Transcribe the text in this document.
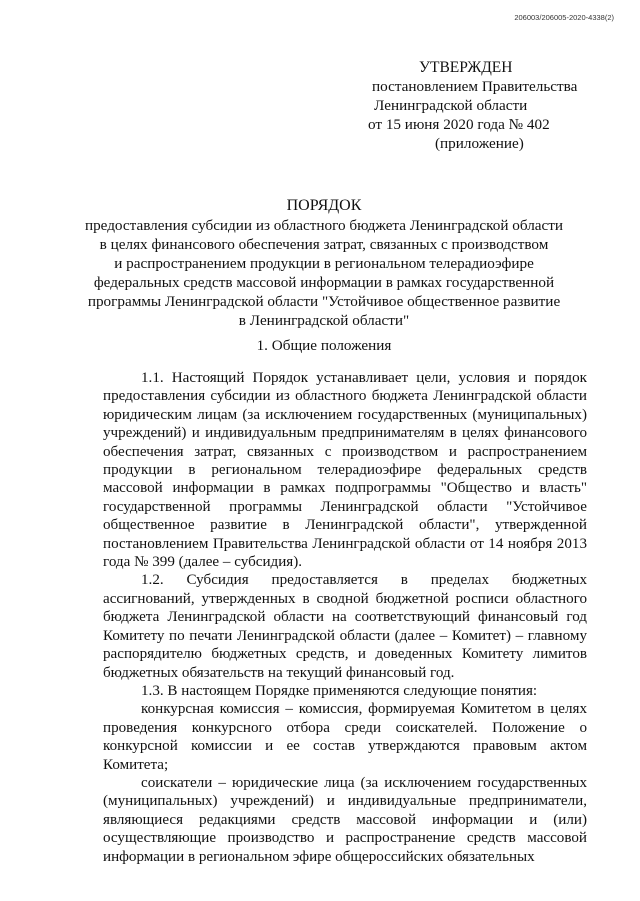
206003/206005-2020-4338(2)
УТВЕРЖДЕН
постановлением Правительства
Ленинградской области
от 15 июня 2020 года № 402
(приложение)
ПОРЯДОК
предоставления субсидии из областного бюджета Ленинградской области
в целях финансового обеспечения затрат, связанных с производством
и распространением продукции в региональном телерадиоэфире
федеральных средств массовой информации в рамках государственной
программы Ленинградской области "Устойчивое общественное развитие
в Ленинградской области"
1. Общие положения

1.1. Настоящий Порядок устанавливает цели, условия и порядок предоставления субсидии из областного бюджета Ленинградской области юридическим лицам (за исключением государственных (муниципальных) учреждений) и индивидуальным предпринимателям в целях финансового обеспечения затрат, связанных с производством и распространением продукции в региональном телерадиоэфире федеральных средств массовой информации в рамках подпрограммы "Общество и власть" государственной программы Ленинградской области "Устойчивое общественное развитие в Ленинградской области", утвержденной постановлением Правительства Ленинградской области от 14 ноября 2013 года № 399 (далее – субсидия).

1.2. Субсидия предоставляется в пределах бюджетных ассигнований, утвержденных в сводной бюджетной росписи областного бюджета Ленинградской области на соответствующий финансовый год Комитету по печати Ленинградской области (далее – Комитет) – главному распорядителю бюджетных средств, и доведенных Комитету лимитов бюджетных обязательств на текущий финансовый год.

1.3. В настоящем Порядке применяются следующие понятия:

конкурсная комиссия – комиссия, формируемая Комитетом в целях проведения конкурсного отбора среди соискателей. Положение о конкурсной комиссии и ее состав утверждаются правовым актом Комитета;

соискатели – юридические лица (за исключением государственных (муниципальных) учреждений) и индивидуальные предприниматели, являющиеся редакциями средств массовой информации и (или) осуществляющие производство и распространение средств массовой информации в региональном эфире общероссийских обязательных
